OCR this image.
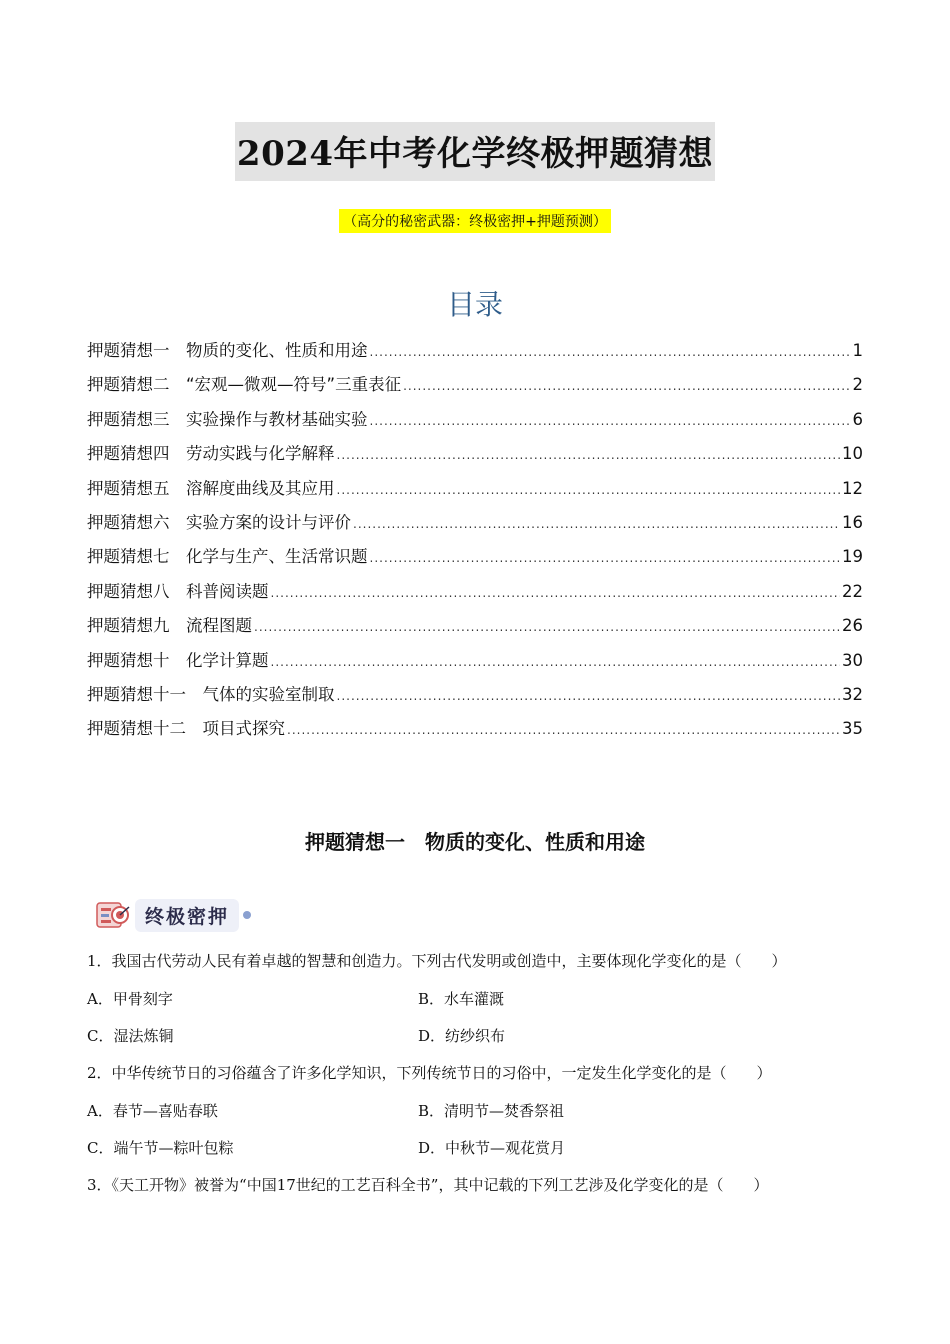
2024年中考化学终极押题猜想
（高分的秘密武器：终极密押+押题预测）
目录
押题猜想一　物质的变化、性质和用途 .....	1
押题猜想二　“宏观—微观—符号”三重表征 .....	2
押题猜想三　实验操作与教材基础实验 .....	6
押题猜想四　劳动实践与化学解释 .....	10
押题猜想五　溶解度曲线及其应用 .....	12
押题猜想六　实验方案的设计与评价 .....	16
押题猜想七　化学与生产、生活常识题 .....	19
押题猜想八　科普阅读题 .....	22
押题猜想九　流程图题 .....	26
押题猜想十　化学计算题 .....	30
押题猜想十一　气体的实验室制取 .....	32
押题猜想十二　项目式探究 .....	35
押题猜想一　物质的变化、性质和用途
终极密押
1．我国古代劳动人民有着卓越的智慧和创造力。下列古代发明或创造中，主要体现化学变化的是（　　）
A．甲骨刻字	B．水车灌溉
C．湿法炼铜	D．纺纱织布
2．中华传统节日的习俗蕴含了许多化学知识，下列传统节日的习俗中，一定发生化学变化的是（　　）
A．春节—喜贴春联	B．清明节—焚香祭祖
C．端午节—粽叶包粽	D．中秋节—观花赏月
3．《天工开物》被誉为“中国17世纪的工艺百科全书”，其中记载的下列工艺涉及化学变化的是（　　）
